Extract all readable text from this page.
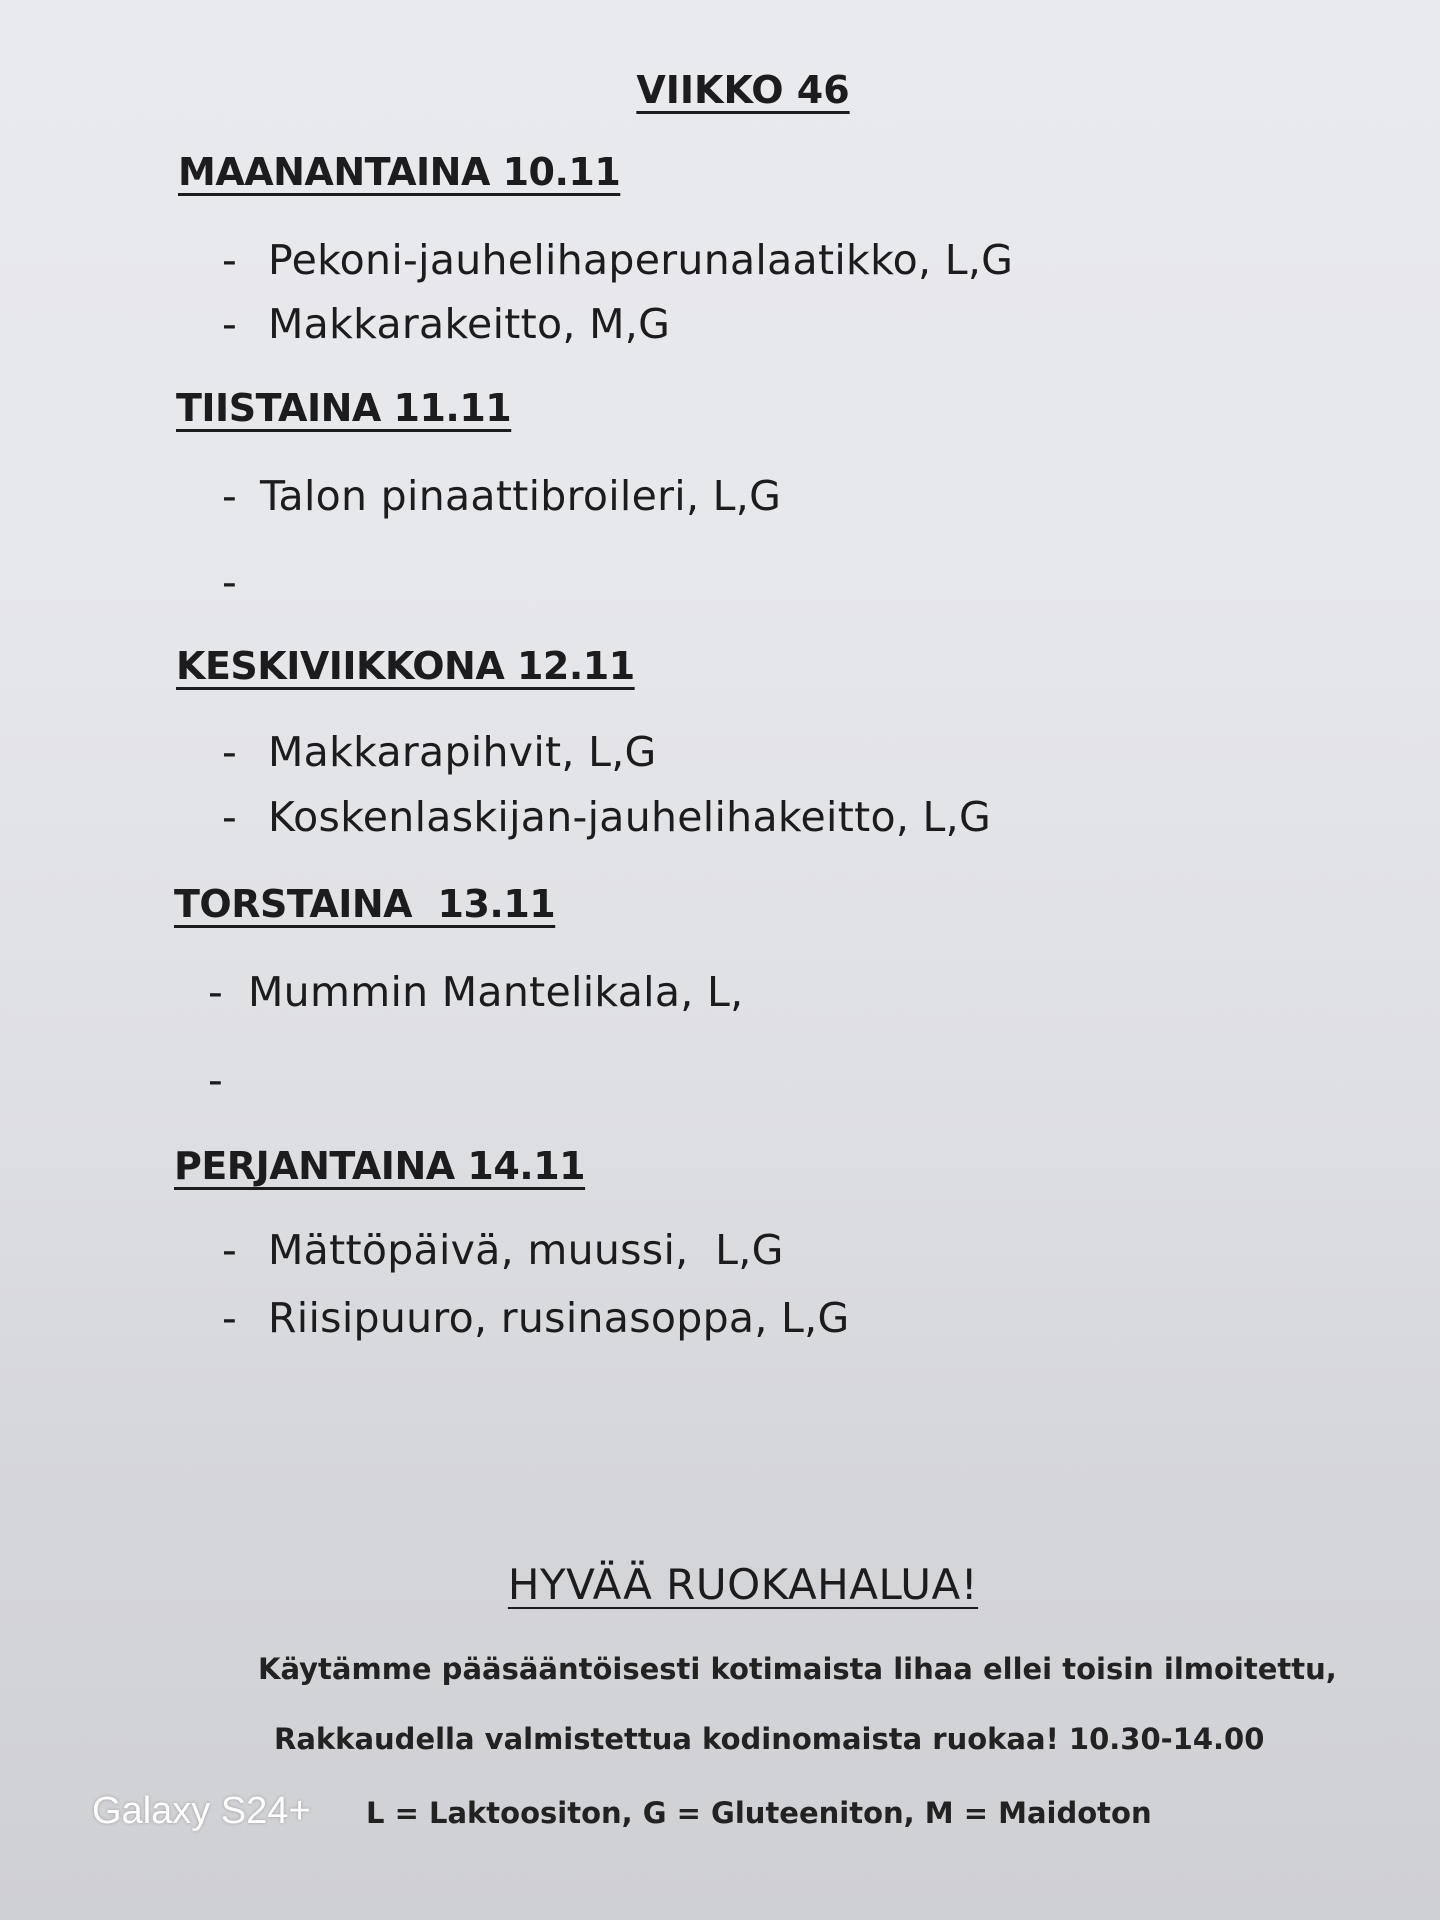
VIIKKO 46
MAANANTAINA 10.11
- Pekoni-jauhelihaperunalaatikko, L,G
- Makkarakeitto, M,G
TIISTAINA 11.11
- Talon pinaattibroileri, L,G
-
KESKIVIIKKONA 12.11
- Makkarapihvit, L,G
- Koskenlaskijan-jauhelihakeitto, L,G
TORSTAINA  13.11
- Mummin Mantelikala, L,
-
PERJANTAINA 14.11
- Mättöpäivä, muussi,  L,G
- Riisipuuro, rusinasoppa, L,G
HYVÄÄ RUOKAHALUA!
Käytämme pääsääntöisesti kotimaista lihaa ellei toisin ilmoitettu,
Rakkaudella valmistettua kodinomaista ruokaa! 10.30-14.00
L = Laktoositon, G = Gluteeniton, M = Maidoton
Galaxy S24+
